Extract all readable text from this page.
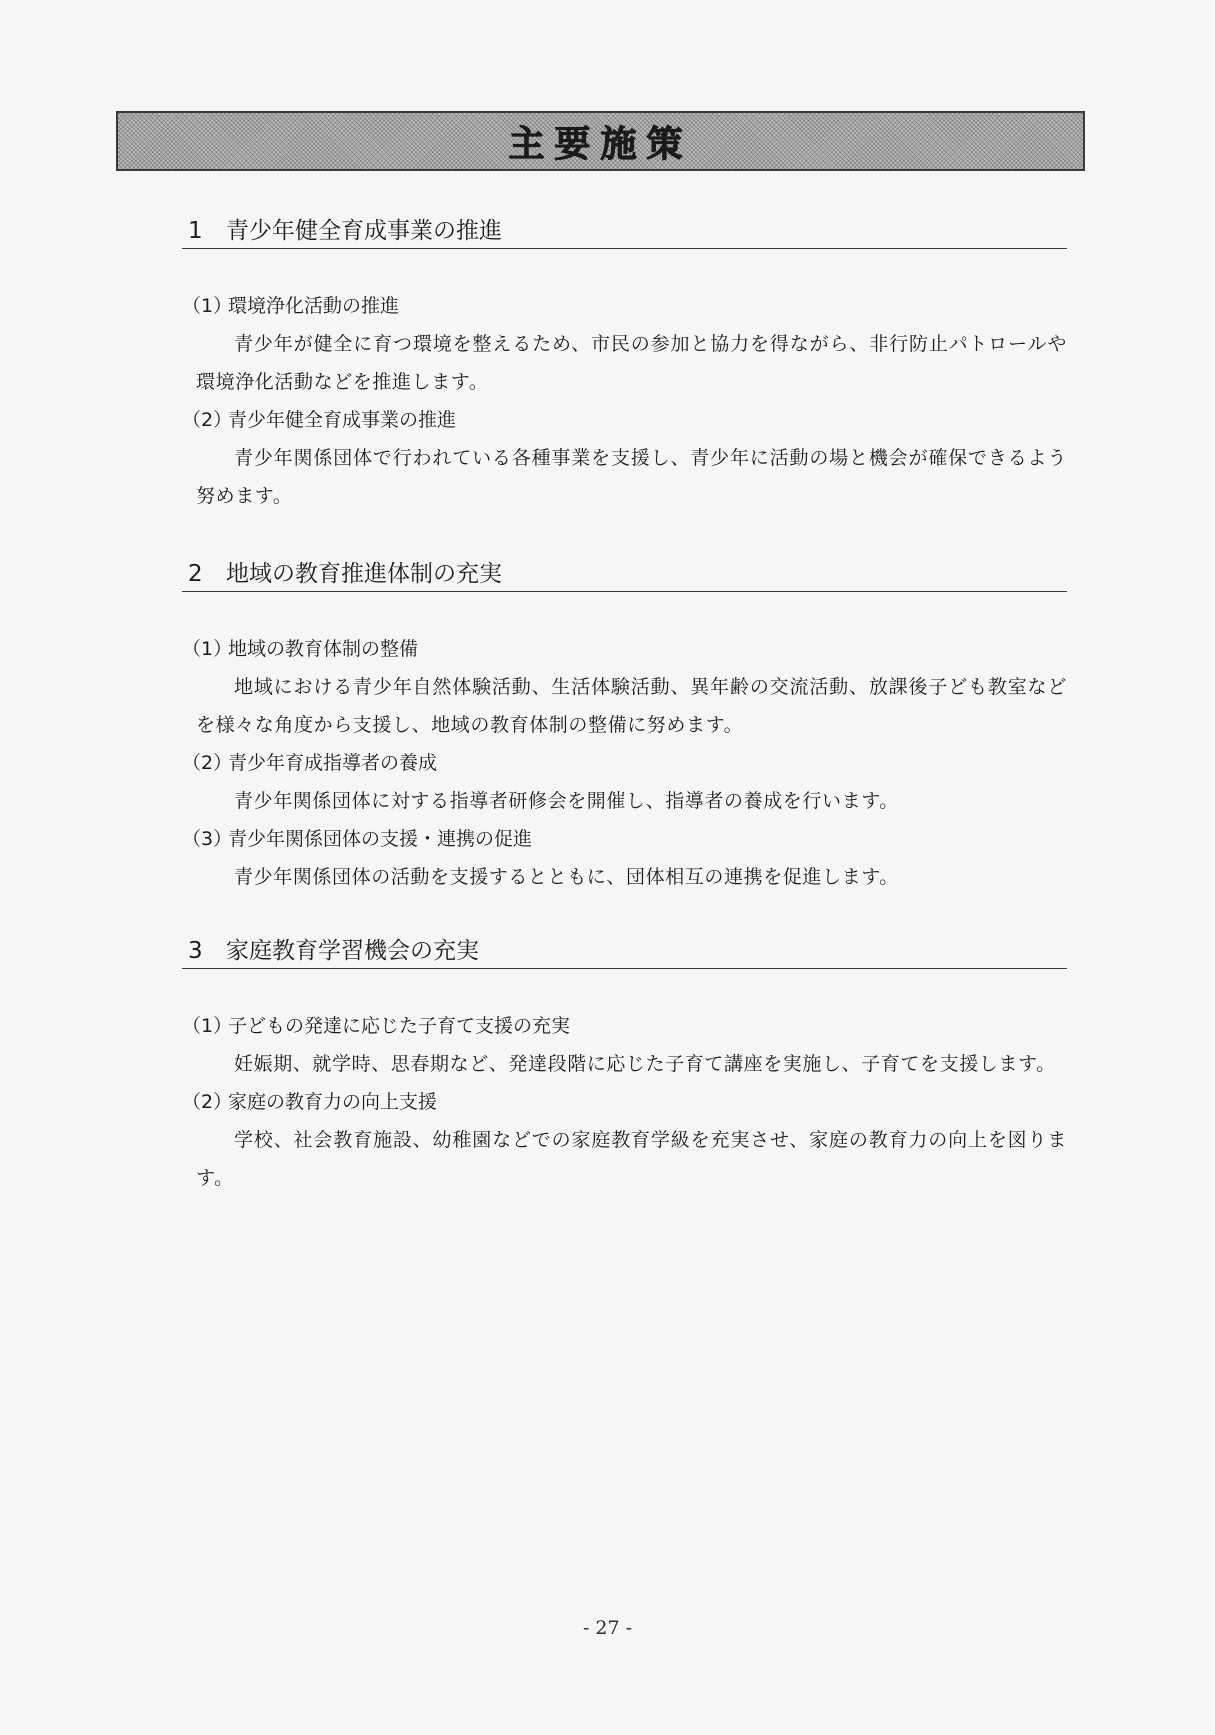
主要施策
1 青少年健全育成事業の推進
（1）環境浄化活動の推進

青少年が健全に育つ環境を整えるため、市民の参加と協力を得ながら、非行防止パトロールや環境浄化活動などを推進します。

（2）青少年健全育成事業の推進

青少年関係団体で行われている各種事業を支援し、青少年に活動の場と機会が確保できるよう努めます。

2 地域の教育推進体制の充実
（1）地域の教育体制の整備

地域における青少年自然体験活動、生活体験活動、異年齢の交流活動、放課後子ども教室などを様々な角度から支援し、地域の教育体制の整備に努めます。

（2）青少年育成指導者の養成

青少年関係団体に対する指導者研修会を開催し、指導者の養成を行います。

（3）青少年関係団体の支援・連携の促進

青少年関係団体の活動を支援するとともに、団体相互の連携を促進します。

3 家庭教育学習機会の充実
（1）子どもの発達に応じた子育て支援の充実

妊娠期、就学時、思春期など、発達段階に応じた子育て講座を実施し、子育てを支援します。

（2）家庭の教育力の向上支援

学校、社会教育施設、幼稚園などでの家庭教育学級を充実させ、家庭の教育力の向上を図ります。

- 27 -
